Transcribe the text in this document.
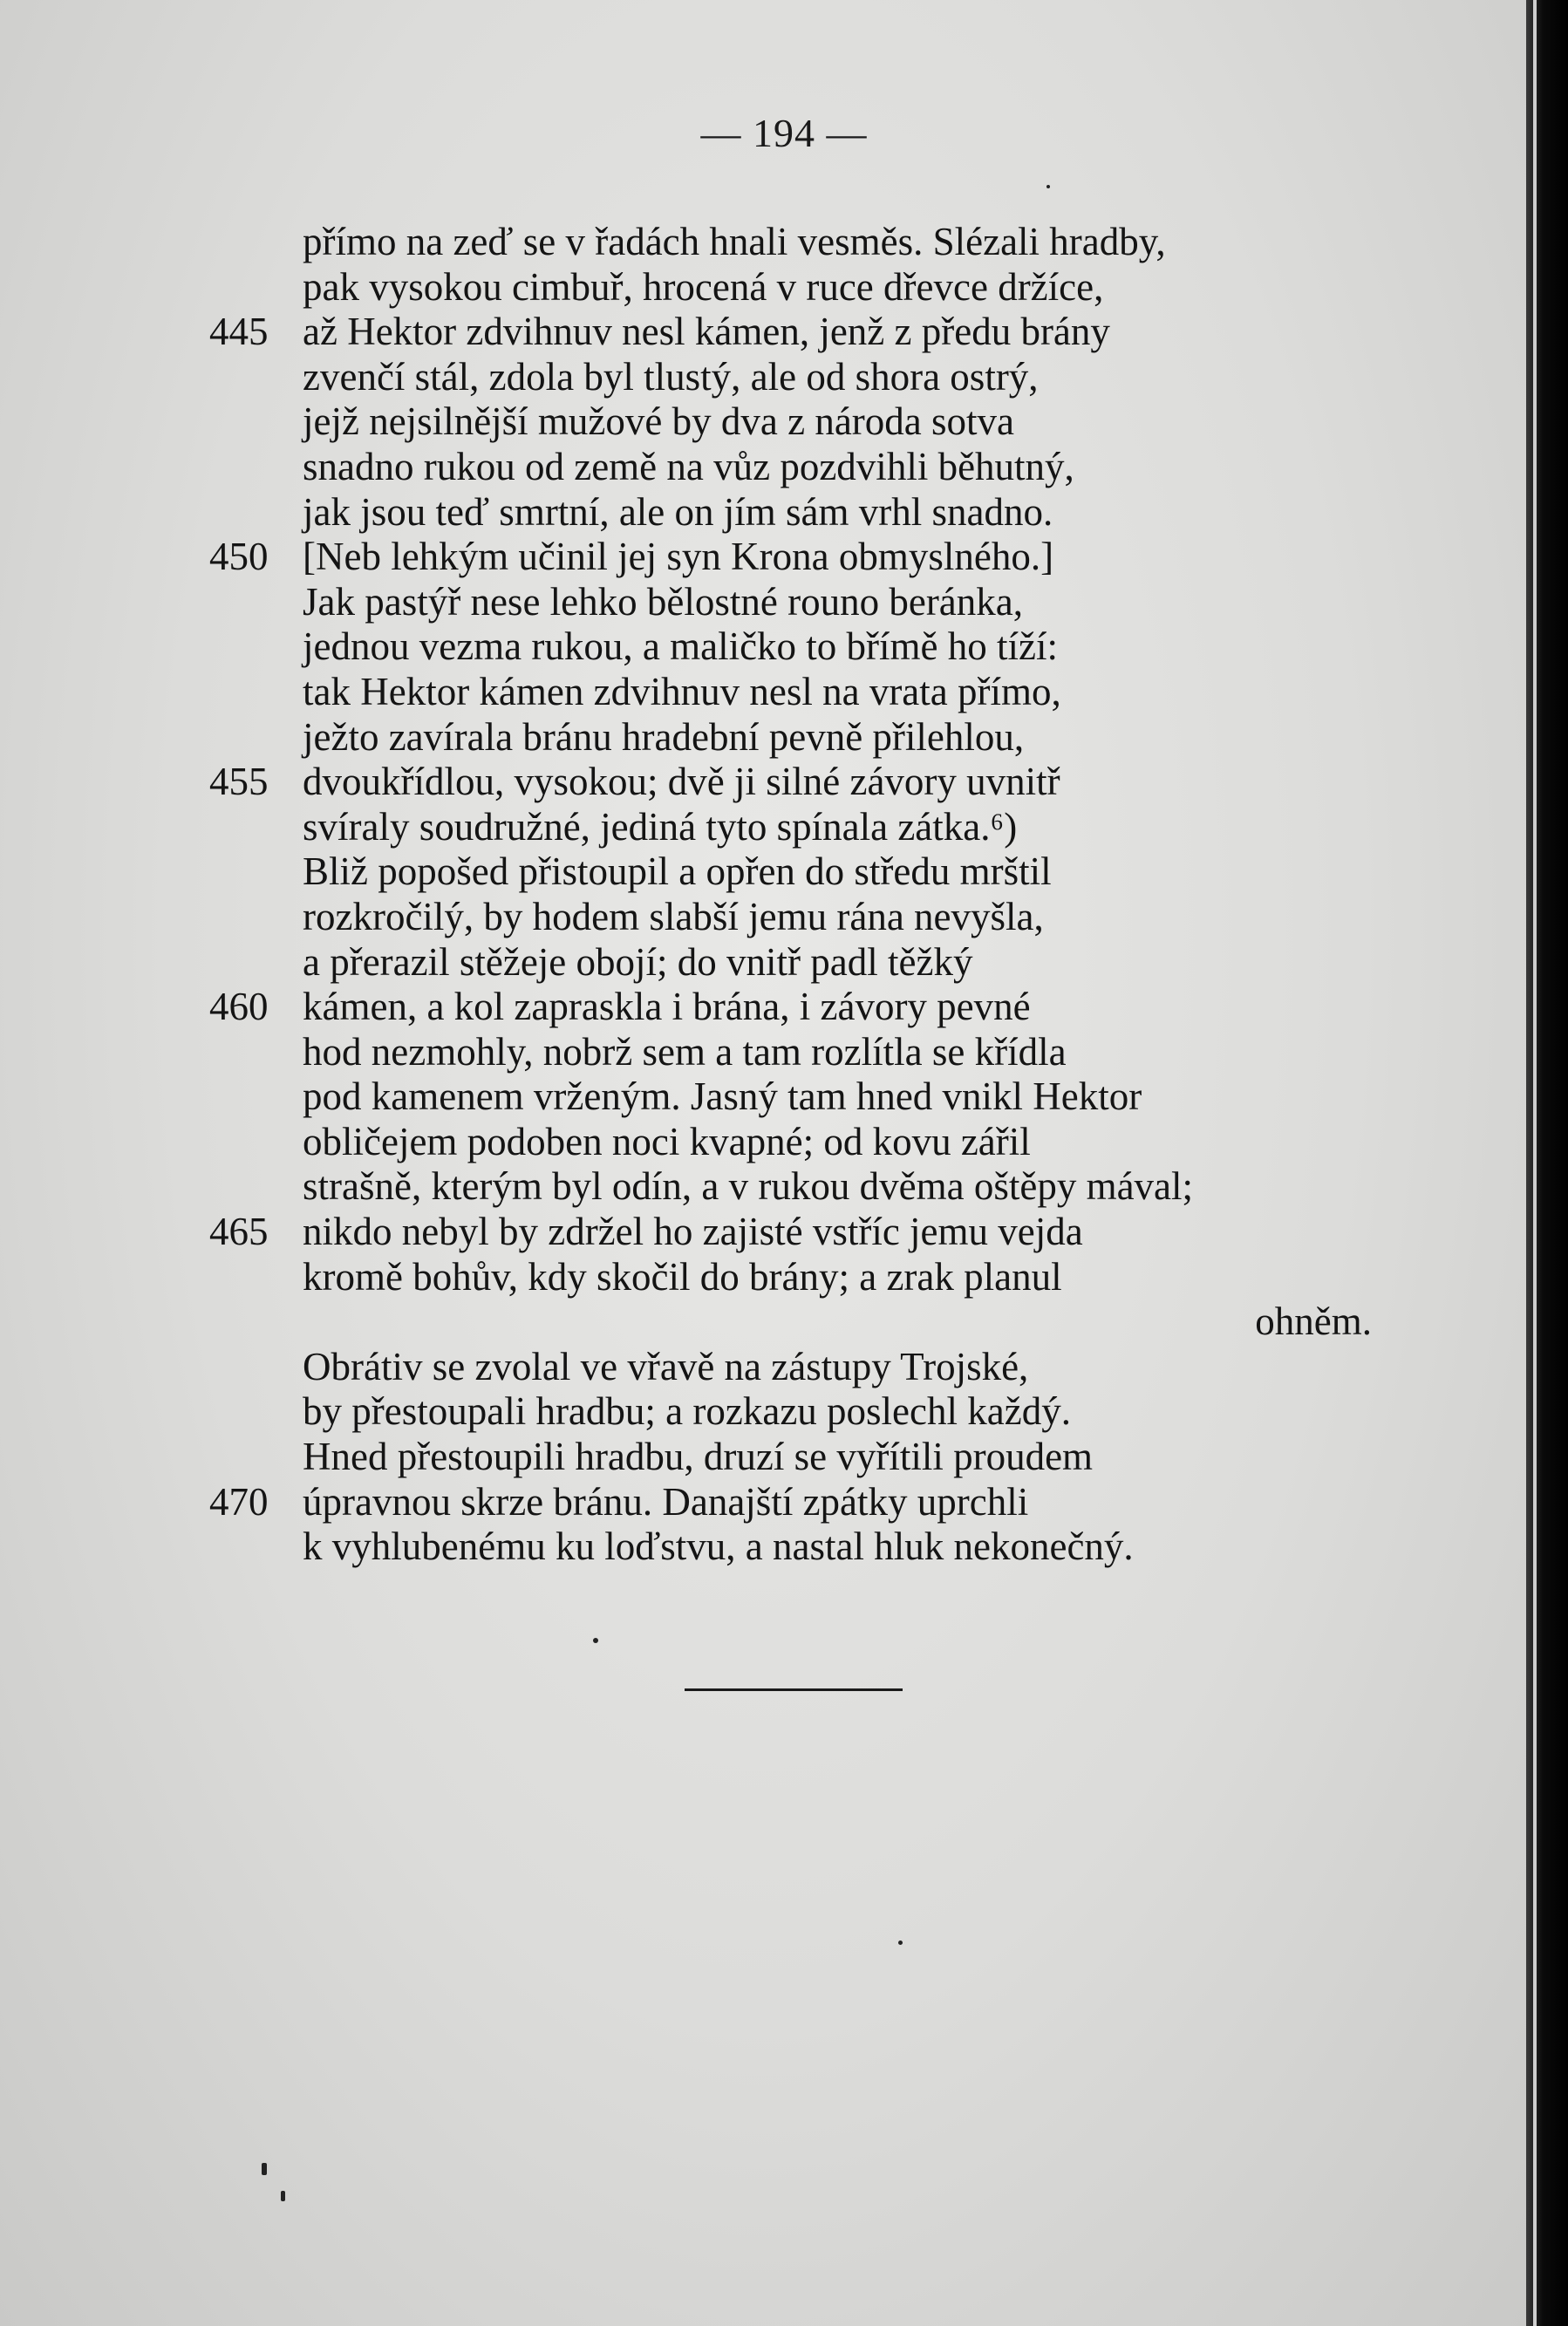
— 194 —
přímo na zeď se v řadách hnali vesměs. Slézali hradby,
pak vysokou cimbuř, hrocená v ruce dřevce držíce,
445 až Hektor zdvihnuv nesl kámen, jenž z předu brány
zvenčí stál, zdola byl tlustý, ale od shora ostrý,
jejž nejsilnější mužové by dva z národa sotva
snadno rukou od země na vůz pozdvihli běhutný,
jak jsou teď smrtní, ale on jím sám vrhl snadno.
450 [Neb lehkým učinil jej syn Krona obmyslného.]
Jak pastýř nese lehko bělostné rouno beránka,
jednou vezma rukou, a maličko to břímě ho tíží:
tak Hektor kámen zdvihnuv nesl na vrata přímo,
ježto zavírala bránu hradební pevně přilehlou,
455 dvoukřídlou, vysokou; dvě ji silné závory uvnitř
svíraly soudružné, jediná tyto spínala zátka.⁶)
Bliž popošed přistoupil a opřen do středu mrštil
rozkročilý, by hodem slabší jemu rána nevyšla,
a přerazil stěžeje obojí; do vnitř padl těžký
460 kámen, a kol zapraskla i brána, i závory pevné
hod nezmohly, nobrž sem a tam rozlítla se křídla
pod kamenem vrženým. Jasný tam hned vnikl Hektor
obličejem podoben noci kvapné; od kovu zářil
strašně, kterým byl odín, a v rukou dvěma oštěpy mával;
465 nikdo nebyl by zdržel ho zajisté vstříc jemu vejda
kromě bohův, kdy skočil do brány; a zrak planul
ohněm.
Obrátiv se zvolal ve vřavě na zástupy Trojské,
by přestoupali hradbu; a rozkazu poslechl každý.
Hned přestoupili hradbu, druzí se vyřítili proudem
470 úpravnou skrze bránu. Danajští zpátky uprchli
k vyhlubenému ku loďstvu, a nastal hluk nekonečný.
